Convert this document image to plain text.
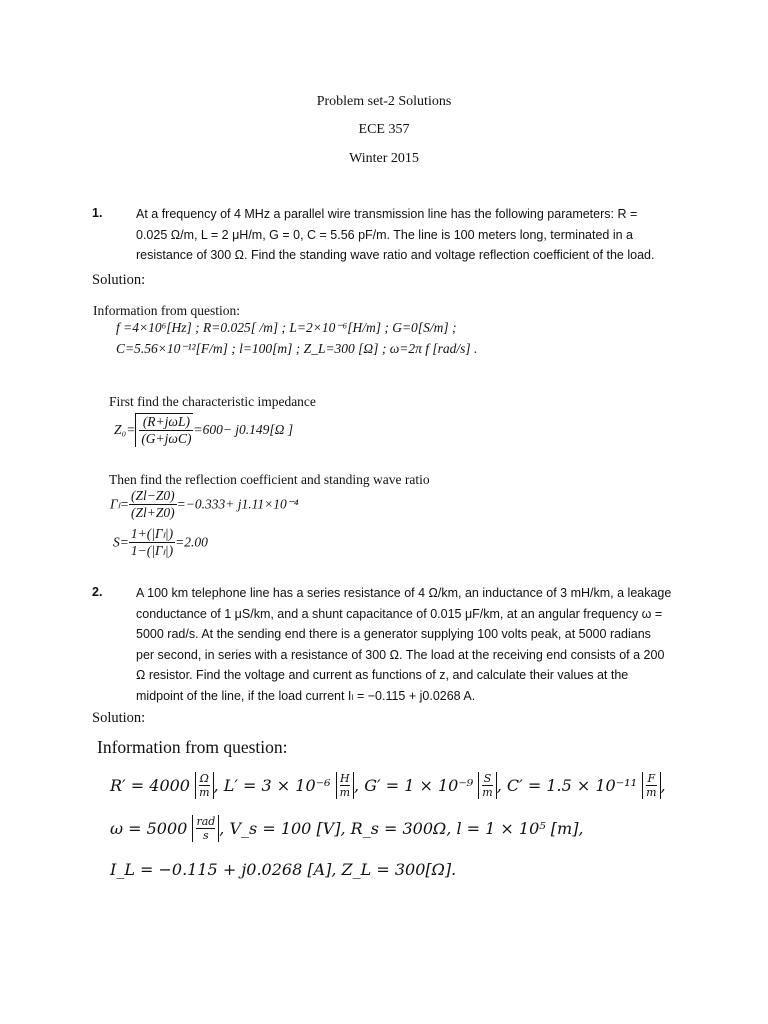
Problem set-2 Solutions
ECE 357
Winter 2015
1.	At a frequency of 4 MHz a parallel wire transmission line has the following parameters: R =
0.025 Ω/m, L = 2 μH/m, G = 0, C = 5.56 pF/m. The line is 100 meters long, terminated in a
resistance of 300 Ω. Find the standing wave ratio and voltage reflection coefficient of the load.
Solution:
Information from question:
f =4×10⁶[Hz] ; R=0.025[ /m] ; L=2×10⁻⁶[H/m] ; G=0[S/m] ;
C=5.56×10⁻¹²[F/m] ; l=100[m] ; Z_L=300 [Ω] ; ω=2π f [rad/s] .
First find the characteristic impedance
$Z_0= \frac{\text{(R+jωL)}}{\text{(G+jωC)}} =600- j0.149[\Omega$ ]
Then find the reflection coefficient and standing wave ratio
$\Gamma_l= \frac{(Zl-Z0)}{(Zl+Z0)} =-0.333+ j1.11\times 10^{-4}$
$S= \frac{\text{1+(|Γₗ|)}}{\text{1−(|Γₗ|)}} =2.00$
2.	A 100 km telephone line has a series resistance of 4 Ω/km, an inductance of 3 mH/km, a leakage
conductance of 1 μS/km, and a shunt capacitance of 0.015 μF/km, at an angular frequency ω =
5000 rad/s. At the sending end there is a generator supplying 100 volts peak, at 5000 radians
per second, in series with a resistance of 300 Ω. The load at the receiving end consists of a 200
Ω resistor. Find the voltage and current as functions of z, and calculate their values at the
midpoint of the line, if the load current Iₗ = −0.115 + j0.0268 A.
Solution:
Information from question:
$R' = 4000 \frac{\Omega}{m}$, $L' = 3 \times 10^{-6} \frac{H}{m}$, $G' = 1 \times 10^{-9} \frac{S}{m}$, $C' = 1.5 \times 10^{-11} \frac{F}{m}$,
ω = 5000 rad
s , V_s = 100 [V], R_s = 300Ω, l = 1 × 10⁵ [m],
I_L = −0.115 + j0.0268 [A], Z_L = 300[Ω].
